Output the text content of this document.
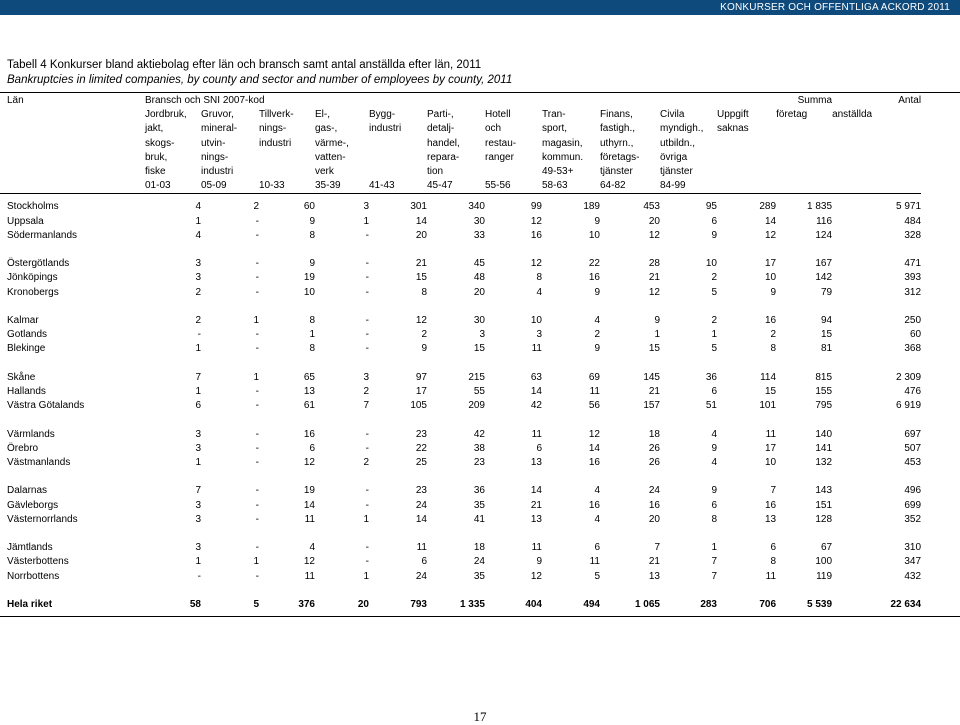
KONKURSER OCH OFFENTLIGA ACKORD 2011
Tabell 4 Konkurser bland aktiebolag efter län och bransch samt antal anställda efter län, 2011
Bankruptcies in limited companies, by county and sector and number of employees by county, 2011
Län	Bransch och SNI 2007-kod											Summa	Antal
	Jordbruk,	Gruvor,	Tillverk-	El-,	Bygg-	Parti-,	Hotell	Tran-	Finans,	Civila	Uppgift	företag	anställda
	jakt,	mineral-	nings-	gas-,	industri	detalj-	och	sport,	fastigh.,	myndigh.,	saknas		
	skogs-	utvin-	industri	värme-,		handel,	restau-	magasin,	uthyrn.,	utbildn.,			
	bruk,	nings-		vatten-		repara-	ranger	kommun.	företags-	övriga			
	fiske	industri		verk		tion		49-53+	tjänster	tjänster			
	01-03	05-09	10-33	35-39	41-43	45-47	55-56	58-63	64-82	84-99			

Stockholms	4	2	60	3	301	340	99	189	453	95	289	1 835	5 971
Uppsala	1	-	9	1	14	30	12	9	20	6	14	116	484
Södermanlands	4	-	8	-	20	33	16	10	12	9	12	124	328

Östergötlands	3	-	9	-	21	45	12	22	28	10	17	167	471
Jönköpings	3	-	19	-	15	48	8	16	21	2	10	142	393
Kronobergs	2	-	10	-	8	20	4	9	12	5	9	79	312

Kalmar	2	1	8	-	12	30	10	4	9	2	16	94	250
Gotlands	-	-	1	-	2	3	3	2	1	1	2	15	60
Blekinge	1	-	8	-	9	15	11	9	15	5	8	81	368

Skåne	7	1	65	3	97	215	63	69	145	36	114	815	2 309
Hallands	1	-	13	2	17	55	14	11	21	6	15	155	476
Västra Götalands	6	-	61	7	105	209	42	56	157	51	101	795	6 919

Värmlands	3	-	16	-	23	42	11	12	18	4	11	140	697
Örebro	3	-	6	-	22	38	6	14	26	9	17	141	507
Västmanlands	1	-	12	2	25	23	13	16	26	4	10	132	453

Dalarnas	7	-	19	-	23	36	14	4	24	9	7	143	496
Gävleborgs	3	-	14	-	24	35	21	16	16	6	16	151	699
Västernorrlands	3	-	11	1	14	41	13	4	20	8	13	128	352

Jämtlands	3	-	4	-	11	18	11	6	7	1	6	67	310
Västerbottens	1	1	12	-	6	24	9	11	21	7	8	100	347
Norrbottens	-	-	11	1	24	35	12	5	13	7	11	119	432

Hela riket	58	5	376	20	793	1 335	404	494	1 065	283	706	5 539	22 634
17
